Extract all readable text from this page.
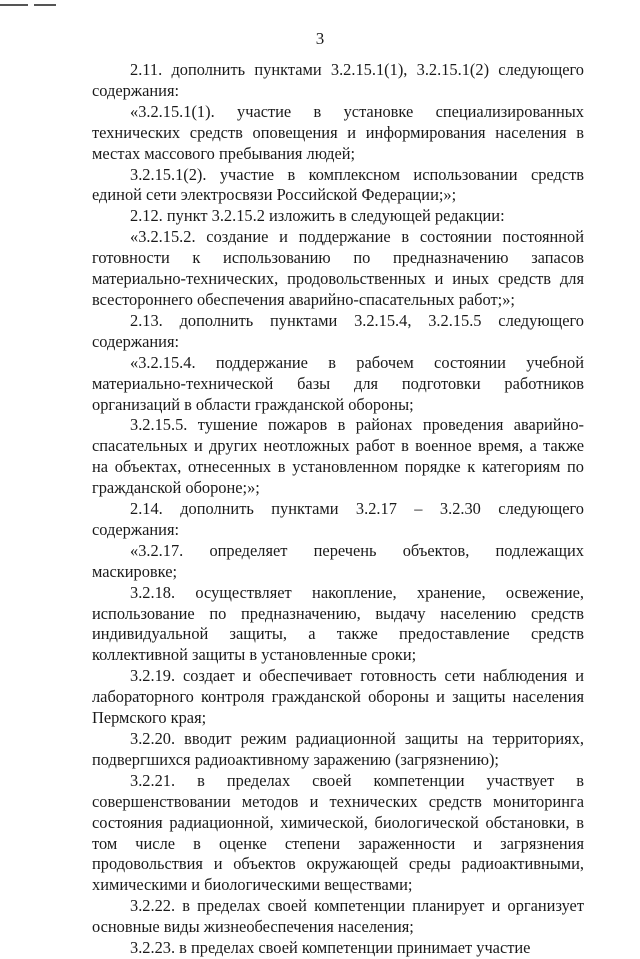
3

2.11. дополнить пунктами 3.2.15.1(1), 3.2.15.1(2) следующего содержания:

«3.2.15.1(1). участие в установке специализированных технических средств оповещения и информирования населения в местах массового пребывания людей;

3.2.15.1(2). участие в комплексном использовании средств единой сети электросвязи Российской Федерации;»;

2.12. пункт 3.2.15.2 изложить в следующей редакции:

«3.2.15.2. создание и поддержание в состоянии постоянной готовности к использованию по предназначению запасов материально-технических, продовольственных и иных средств для всестороннего обеспечения аварийно-спасательных работ;»;

2.13. дополнить пунктами 3.2.15.4, 3.2.15.5 следующего содержания:

«3.2.15.4. поддержание в рабочем состоянии учебной материально-технической базы для подготовки работников организаций в области гражданской обороны;

3.2.15.5. тушение пожаров в районах проведения аварийно-спасательных и других неотложных работ в военное время, а также на объектах, отнесенных в установленном порядке к категориям по гражданской обороне;»;

2.14. дополнить пунктами 3.2.17 – 3.2.30 следующего содержания:

«3.2.17. определяет перечень объектов, подлежащих маскировке;

3.2.18. осуществляет накопление, хранение, освежение, использование по предназначению, выдачу населению средств индивидуальной защиты, а также предоставление средств коллективной защиты в установленные сроки;

3.2.19. создает и обеспечивает готовность сети наблюдения и лабораторного контроля гражданской обороны и защиты населения Пермского края;

3.2.20. вводит режим радиационной защиты на территориях, подвергшихся радиоактивному заражению (загрязнению);

3.2.21. в пределах своей компетенции участвует в совершенствовании методов и технических средств мониторинга состояния радиационной, химической, биологической обстановки, в том числе в оценке степени зараженности и загрязнения продовольствия и объектов окружающей среды радиоактивными, химическими и биологическими веществами;

3.2.22. в пределах своей компетенции планирует и организует основные виды жизнеобеспечения населения;

3.2.23. в пределах своей компетенции принимает участие
